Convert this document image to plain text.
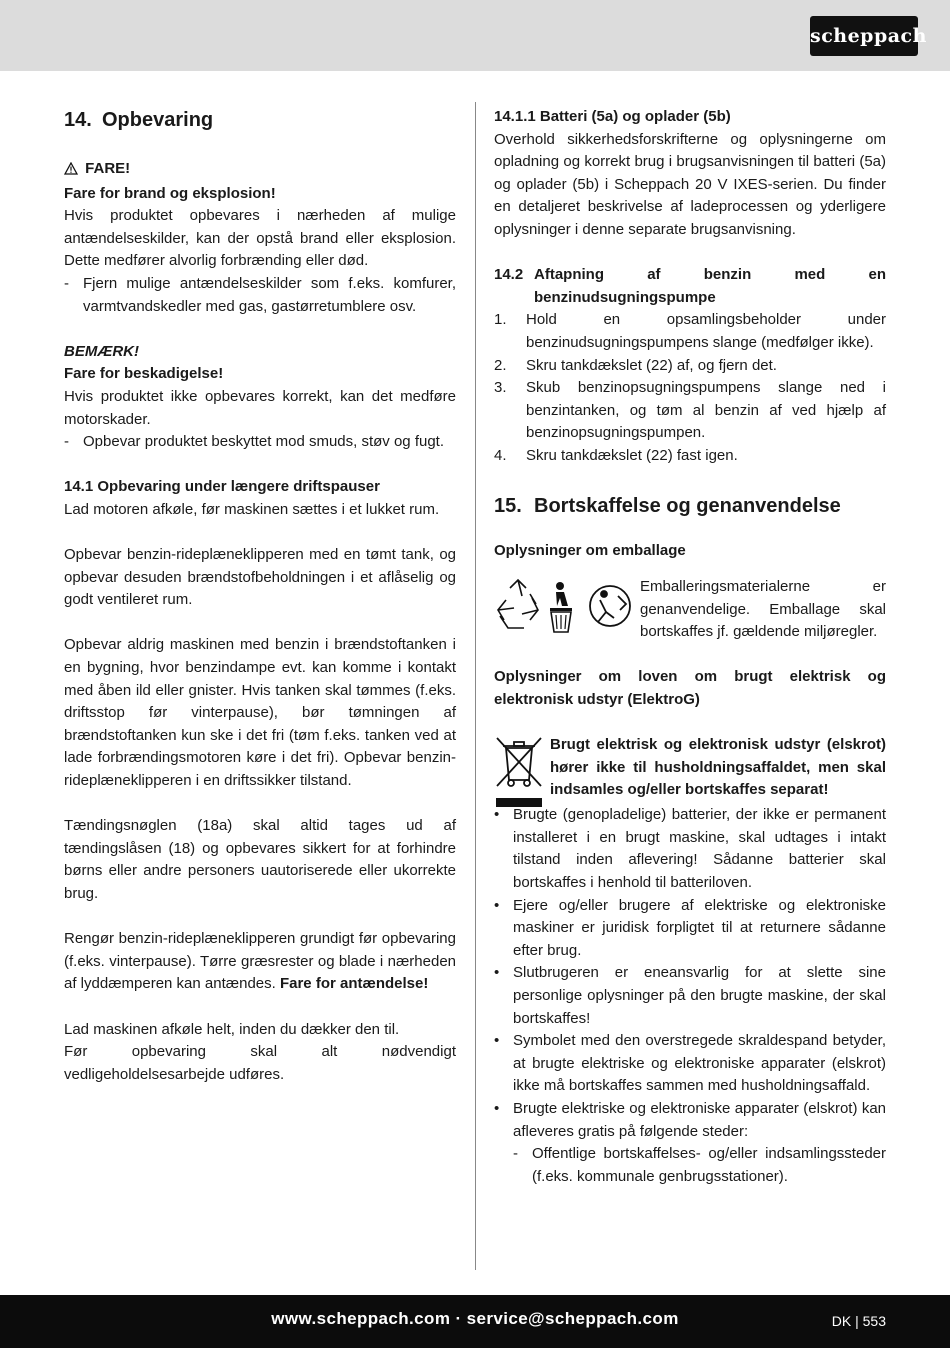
scheppach
14. Opbevaring
FARE!

Fare for brand og eksplosion!

Hvis produktet opbevares i nærheden af mulige antændelseskilder, kan der opstå brand eller eksplosion. Dette medfører alvorlig forbrænding eller død.

- Fjern mulige antændelseskilder som f.eks. komfurer, varmtvandskedler med gas, gastørretumblere osv.

BEMÆRK!

Fare for beskadigelse!

Hvis produktet ikke opbevares korrekt, kan det medføre motorskader.

- Opbevar produktet beskyttet mod smuds, støv og fugt.

14.1 Opbevaring under længere driftspauser

Lad motoren afkøle, før maskinen sættes i et lukket rum.

Opbevar benzin-rideplæneklipperen med en tømt tank, og opbevar desuden brændstofbeholdningen i et aflåselig og godt ventileret rum.

Opbevar aldrig maskinen med benzin i brændstoftanken i en bygning, hvor benzindampe evt. kan komme i kontakt med åben ild eller gnister. Hvis tanken skal tømmes (f.eks. driftsstop før vinterpause), bør tømningen af brændstoftanken kun ske i det fri (tøm f.eks. tanken ved at lade forbrændingsmotoren køre i det fri). Opbevar benzin-rideplæneklipperen i en driftssikker tilstand.

Tændingsnøglen (18a) skal altid tages ud af tændingslåsen (18) og opbevares sikkert for at forhindre børns eller andre personers uautoriserede eller ukorrekte brug.

Rengør benzin-rideplæneklipperen grundigt før opbevaring (f.eks. vinterpause). Tørre græsrester og blade i nærheden af lyddæmperen kan antændes. Fare for antændelse!

Lad maskinen afkøle helt, inden du dækker den til.

Før opbevaring skal alt nødvendigt vedligeholdelsesarbejde udføres.

14.1.1 Batteri (5a) og oplader (5b)

Overhold sikkerhedsforskrifterne og oplysningerne om opladning og korrekt brug i brugsanvisningen til batteri (5a) og oplader (5b) i Scheppach 20 V IXES-serien. Du finder en detaljeret beskrivelse af ladeprocessen og yderligere oplysninger i denne separate brugsanvisning.

14.2 Aftapning af benzin med en benzinudsugningspumpe
1. Hold en opsamlingsbeholder under benzinudsugningspumpens slange (medfølger ikke).
2. Skru tankdækslet (22) af, og fjern det.
3. Skub benzinopsugningspumpens slange ned i benzintanken, og tøm al benzin af ved hjælp af benzinopsugningspumpen.
4. Skru tankdækslet (22) fast igen.
15. Bortskaffelse og genanvendelse

Oplysninger om emballage

Emballeringsmaterialerne er genanvendelige. Emballage skal bortskaffes jf. gældende miljøregler.

Oplysninger om loven om brugt elektrisk og elektronisk udstyr (ElektroG)

Brugt elektrisk og elektronisk udstyr (elskrot) hører ikke til husholdningsaffaldet, men skal indsamles og/eller bortskaffes separat!

• Brugte (genopladelige) batterier, der ikke er permanent installeret i en brugt maskine, skal udtages i intakt tilstand inden aflevering! Sådanne batterier skal bortskaffes i henhold til batteriloven.
• Ejere og/eller brugere af elektriske og elektroniske maskiner er juridisk forpligtet til at returnere sådanne efter brug.
• Slutbrugeren er eneansvarlig for at slette sine personlige oplysninger på den brugte maskine, der skal bortskaffes!
• Symbolet med den overstregede skraldespand betyder, at brugte elektriske og elektroniske apparater (elskrot) ikke må bortskaffes sammen med husholdningsaffald.
• Brugte elektriske og elektroniske apparater (elskrot) kan afleveres gratis på følgende steder:
- Offentlige bortskaffelses- og/eller indsamlingssteder (f.eks. kommunale genbrugsstationer).
www.scheppach.com · service@scheppach.com	DK | 553
